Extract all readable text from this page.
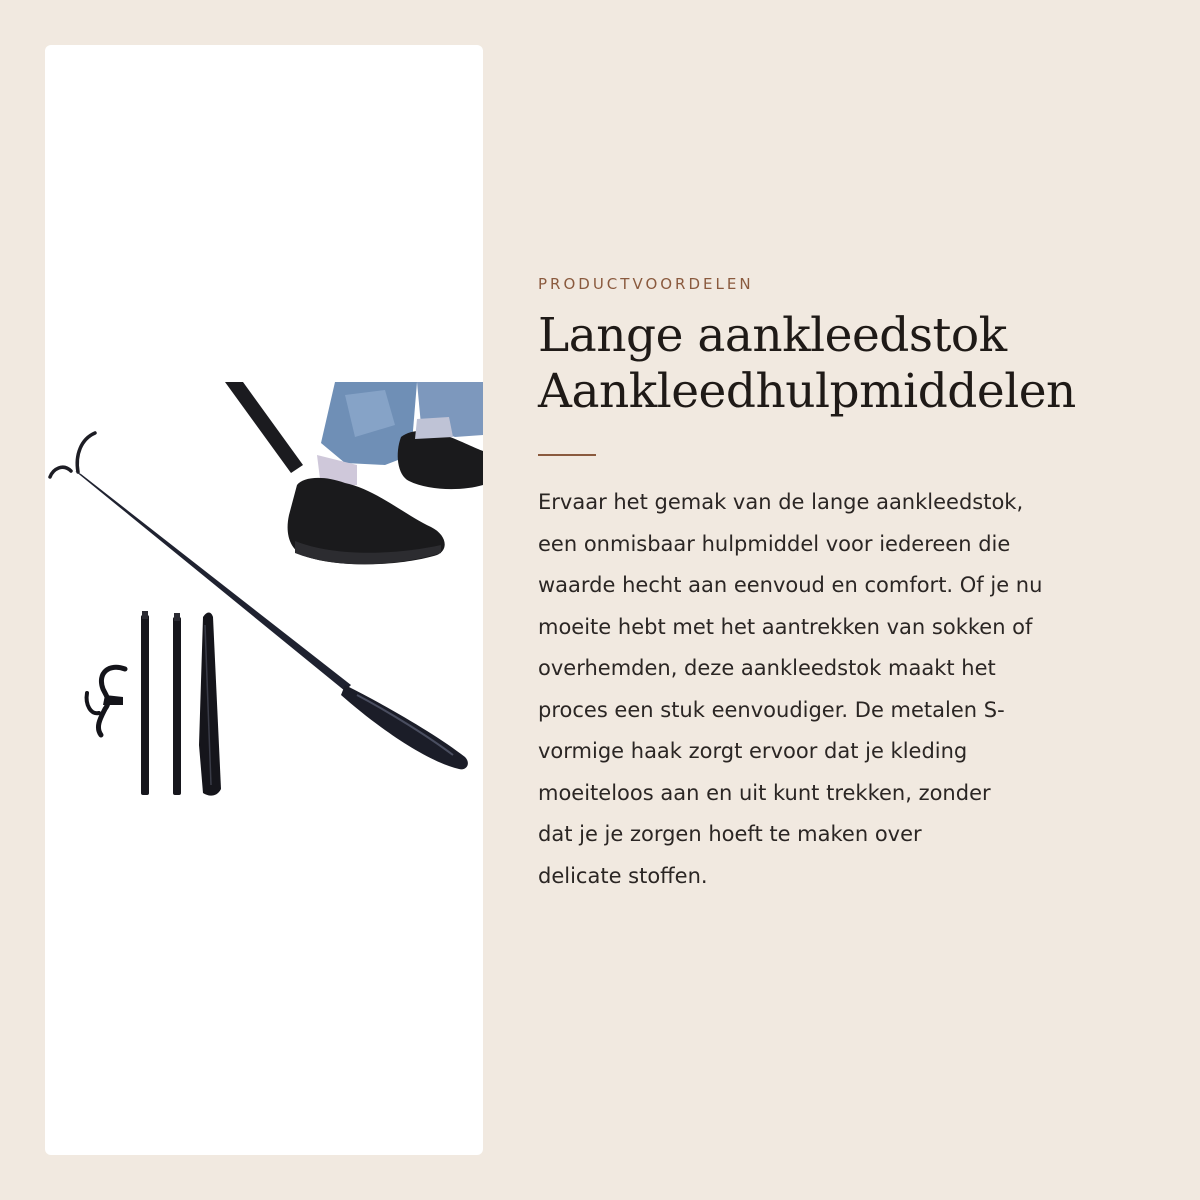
PRODUCTVOORDELEN

Lange aankleedstok
Aankleedhulpmiddelen
Ervaar het gemak van de lange aankleedstok,
een onmisbaar hulpmiddel voor iedereen die
waarde hecht aan eenvoud en comfort. Of je nu
moeite hebt met het aantrekken van sokken of
overhemden, deze aankleedstok maakt het
proces een stuk eenvoudiger. De metalen S-
vormige haak zorgt ervoor dat je kleding
moeiteloos aan en uit kunt trekken, zonder
dat je je zorgen hoeft te maken over
delicate stoffen.
